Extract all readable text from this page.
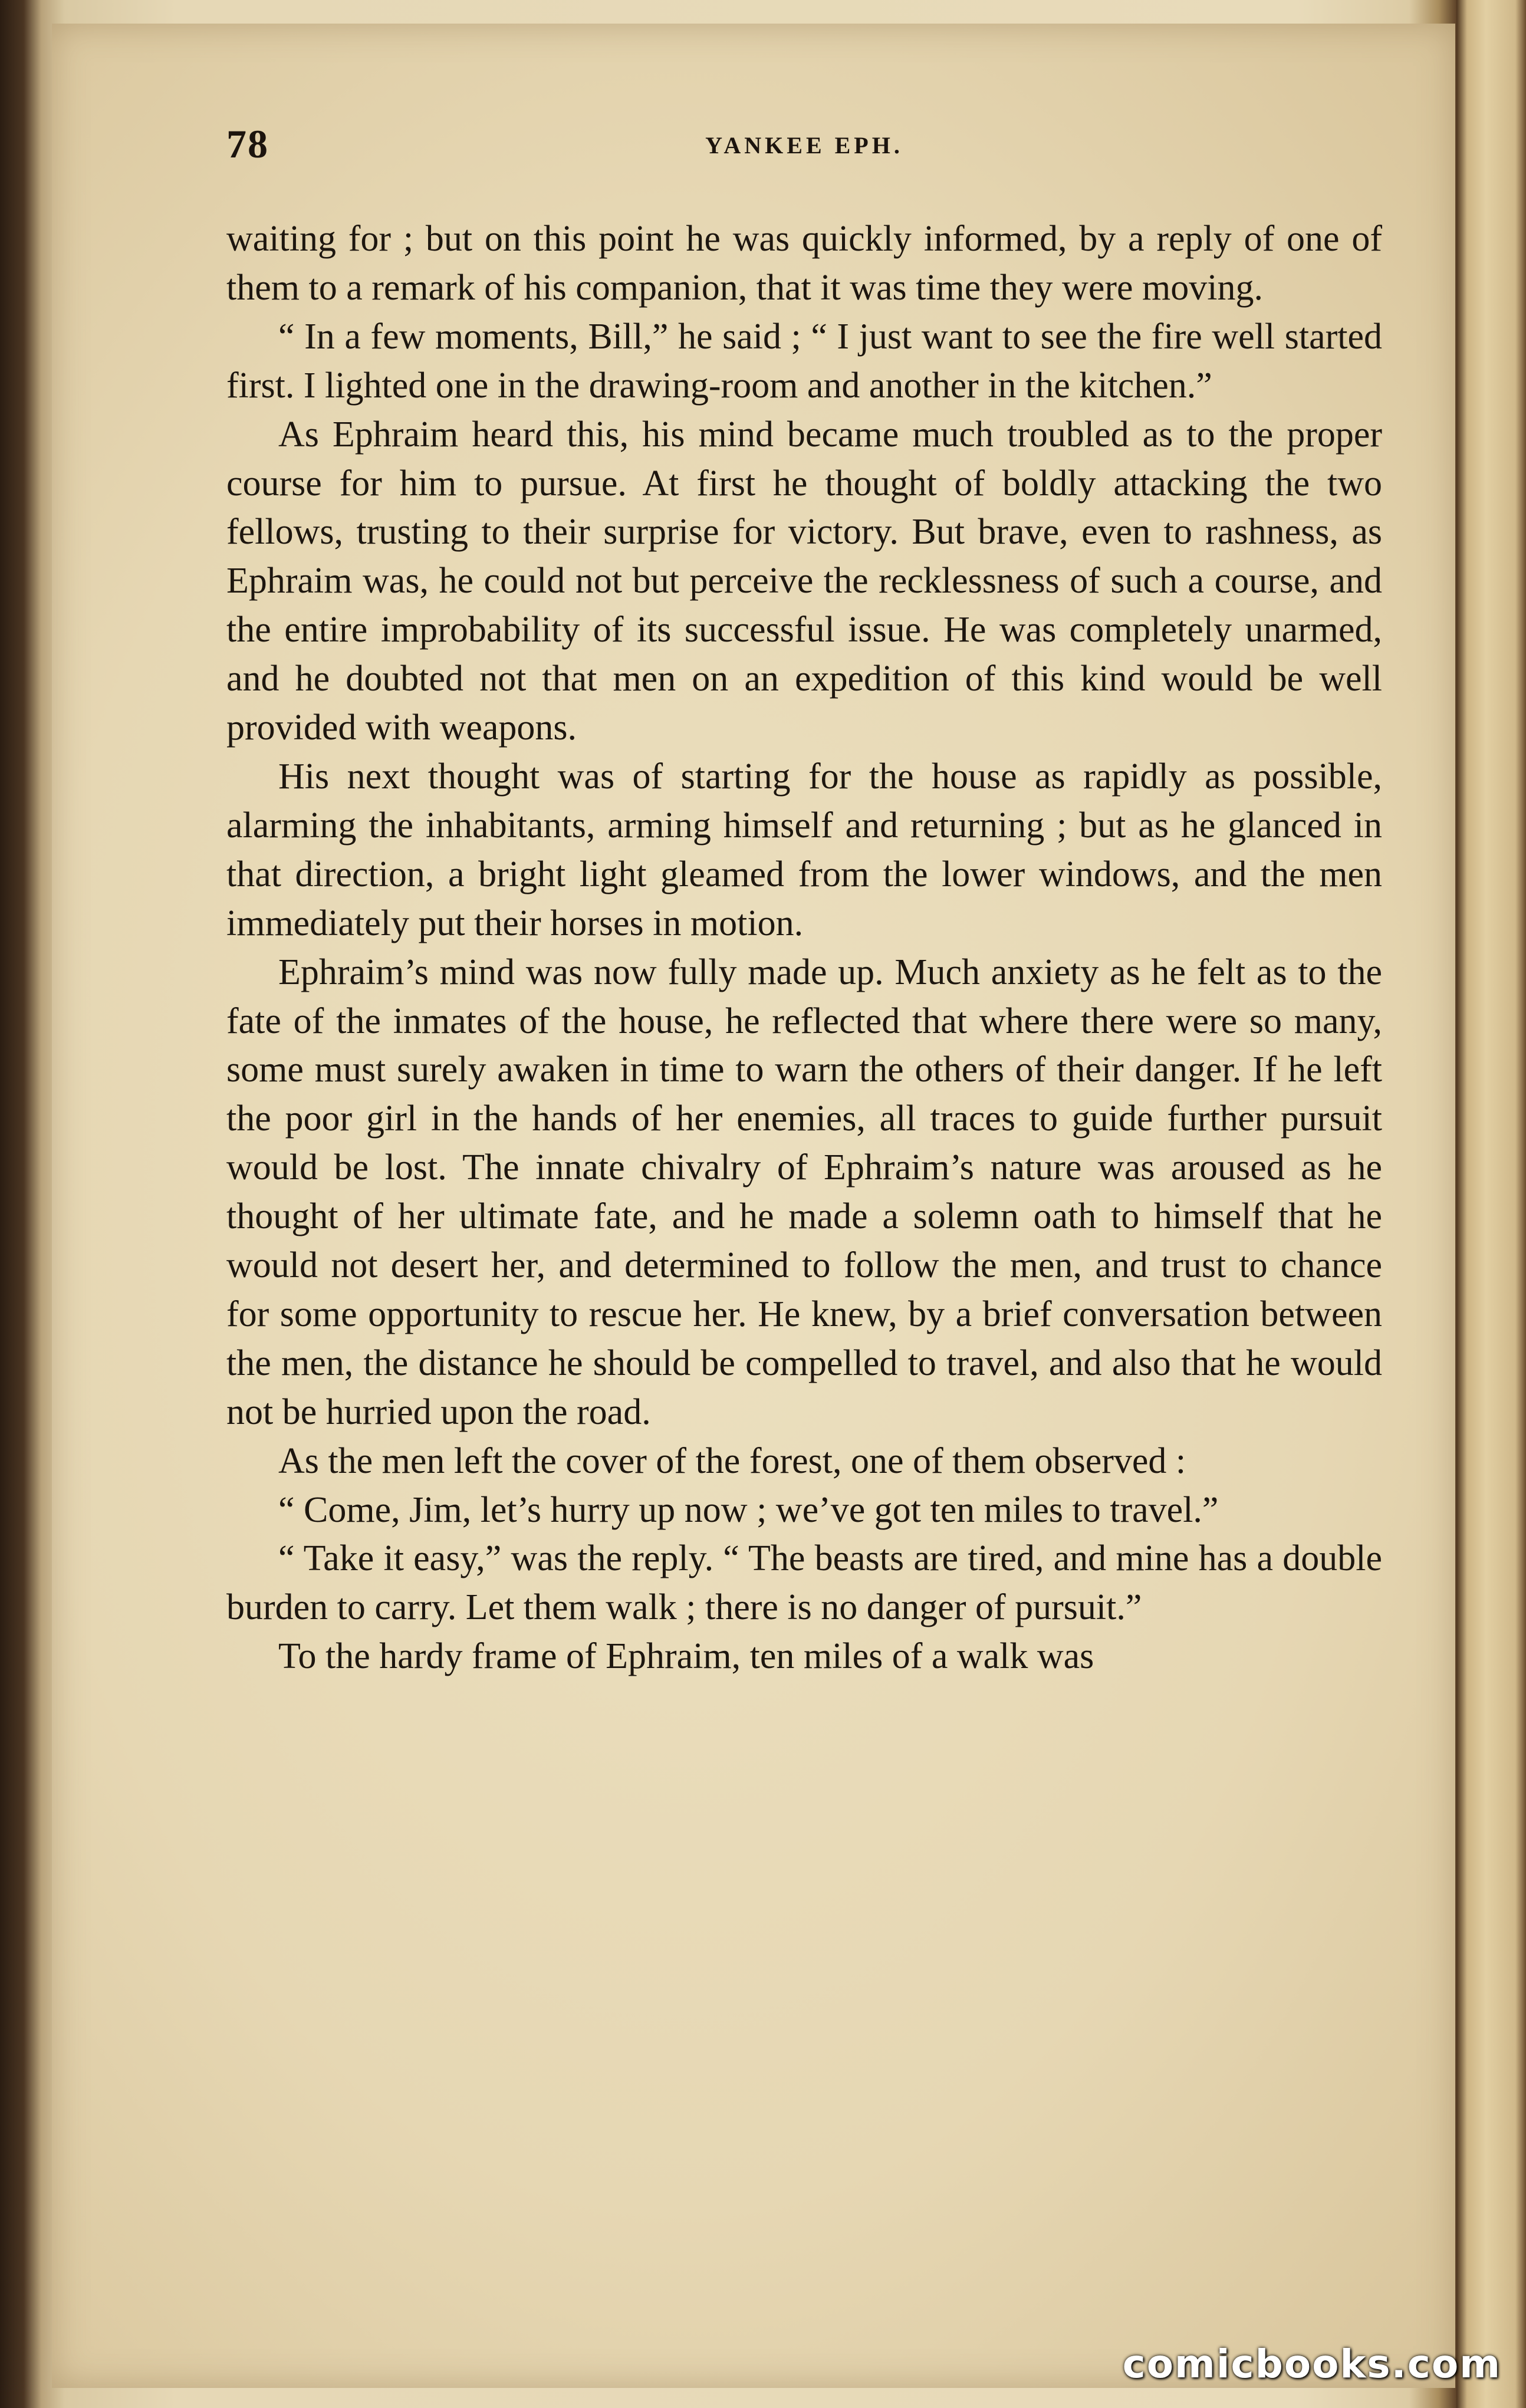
78	YANKEE EPH.

waiting for ; but on this point he was quickly informed, by a reply of one of them to a remark of his companion, that it was time they were moving.

“ In a few moments, Bill,” he said ; “ I just want to see the fire well started first. I lighted one in the drawing-room and another in the kitchen.”

As Ephraim heard this, his mind became much troubled as to the proper course for him to pursue. At first he thought of boldly attacking the two fellows, trusting to their surprise for victory. But brave, even to rashness, as Ephraim was, he could not but perceive the recklessness of such a course, and the entire improbability of its successful issue. He was completely unarmed, and he doubted not that men on an expedition of this kind would be well provided with weapons.

His next thought was of starting for the house as rapidly as possible, alarming the inhabitants, arming himself and returning ; but as he glanced in that direction, a bright light gleamed from the lower windows, and the men immediately put their horses in motion.

Ephraim’s mind was now fully made up. Much anxiety as he felt as to the fate of the inmates of the house, he reflected that where there were so many, some must surely awaken in time to warn the others of their danger. If he left the poor girl in the hands of her enemies, all traces to guide further pursuit would be lost. The innate chivalry of Ephraim’s nature was aroused as he thought of her ultimate fate, and he made a solemn oath to himself that he would not desert her, and determined to follow the men, and trust to chance for some opportunity to rescue her. He knew, by a brief conversation between the men, the distance he should be compelled to travel, and also that he would not be hurried upon the road.

As the men left the cover of the forest, one of them observed :

“ Come, Jim, let’s hurry up now ; we’ve got ten miles to travel.”

“ Take it easy,” was the reply. “ The beasts are tired, and mine has a double burden to carry. Let them walk ; there is no danger of pursuit.”

To the hardy frame of Ephraim, ten miles of a walk was

comicbooks.com
